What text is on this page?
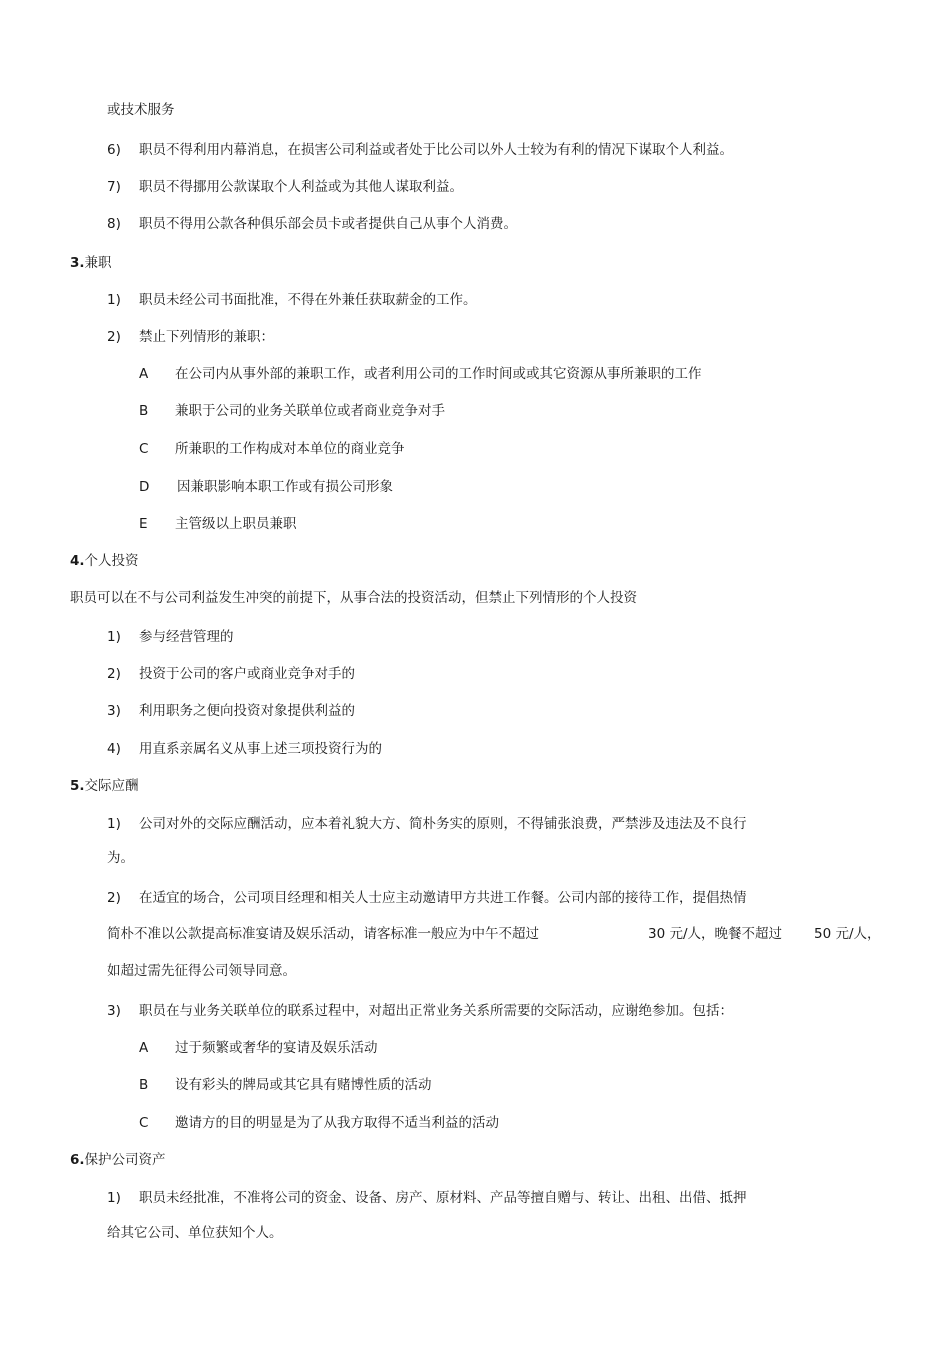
或技术服务
6) 职员不得利用内幕消息，在损害公司利益或者处于比公司以外人士较为有利的情况下谋取个人利益。
7) 职员不得挪用公款谋取个人利益或为其他人谋取利益。
8) 职员不得用公款各种俱乐部会员卡或者提供自己从事个人消费。
3.兼职
1) 职员未经公司书面批准，不得在外兼任获取薪金的工作。
2) 禁止下列情形的兼职：
A 在公司内从事外部的兼职工作，或者利用公司的工作时间或或其它资源从事所兼职的工作
B 兼职于公司的业务关联单位或者商业竞争对手
C 所兼职的工作构成对本单位的商业竞争
D 因兼职影响本职工作或有损公司形象
E 主管级以上职员兼职
4.个人投资
职员可以在不与公司利益发生冲突的前提下，从事合法的投资活动，但禁止下列情形的个人投资
1) 参与经营管理的
2) 投资于公司的客户或商业竞争对手的
3) 利用职务之便向投资对象提供利益的
4) 用直系亲属名义从事上述三项投资行为的
5.交际应酬
1) 公司对外的交际应酬活动，应本着礼貌大方、简朴务实的原则，不得铺张浪费，严禁涉及违法及不良行
为。
2) 在适宜的场合，公司项目经理和相关人士应主动邀请甲方共进工作餐。公司内部的接待工作，提倡热情
简朴不准以公款提高标准宴请及娱乐活动，请客标准一般应为中午不超过	30 元/人，晚餐不超过 50 元/人，
如超过需先征得公司领导同意。
3) 职员在与业务关联单位的联系过程中，对超出正常业务关系所需要的交际活动，应谢绝参加。包括：
A 过于频繁或奢华的宴请及娱乐活动
B 设有彩头的牌局或其它具有赌博性质的活动
C 邀请方的目的明显是为了从我方取得不适当利益的活动
6.保护公司资产
1) 职员未经批准，不准将公司的资金、设备、房产、原材料、产品等擅自赠与、转让、出租、出借、抵押
给其它公司、单位获知个人。
